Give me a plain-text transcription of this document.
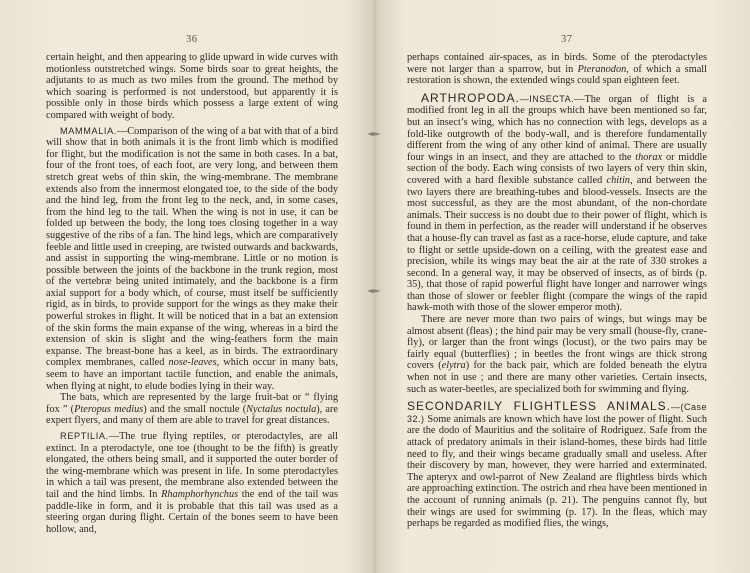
36

certain height, and then appearing to glide upward in wide curves with motionless outstretched wings. Some birds soar to great heights, the adjutants to as much as two miles from the ground. The method by which soaring is performed is not understood, but apparently it is possible only in those birds which possess a large extent of wing compared with weight of body.

MAMMALIA.—Comparison of the wing of a bat with that of a bird will show that in both animals it is the front limb which is modified for flight, but the modification is not the same in both cases. In a bat, four of the front toes, of each foot, are very long, and between them stretch great webs of thin skin, the wing-membrane. The membrane extends also from the innermost elongated toe, to the side of the body and the hind leg, from the front leg to the neck, and, in some cases, from the hind leg to the tail. When the wing is not in use, it can be folded up between the body, the long toes closing together in a way suggestive of the ribs of a fan. The hind legs, which are comparatively feeble and little used in creeping, are twisted outwards and backwards, and assist in supporting the wing-membrane. Little or no motion is possible between the joints of the backbone in the trunk region, most of the vertebræ being united intimately, and the backbone is a firm axial support for a body which, of course, must itself be sufficiently rigid, as in birds, to provide support for the wings as they make their powerful strokes in flight. It will be noticed that in a bat an extension of the skin forms the main expanse of the wing, whereas in a bird the extension of skin is slight and the wing-feathers form the main expanse. The breast-bone has a keel, as in birds. The extraordinary complex membranes, called nose-leaves, which occur in many bats, seem to have an important tactile function, and enable the animals, when flying at night, to elude bodies lying in their way.

The bats, which are represented by the large fruit-bat or “ flying fox ” (Pteropus medius) and the small noctule (Nyctalus noctula), are expert flyers, and many of them are able to travel for great distances.

REPTILIA.—The true flying reptiles, or pterodactyles, are all extinct. In a pterodactyle, one toe (thought to be the fifth) is greatly elongated, the others being small, and it supported the outer border of the wing-membrane which was present in life. In some pterodactyles in which a tail was present, the membrane also extended between the tail and the hind limbs. In Rhamphorhynchus the end of the tail was paddle-like in form, and it is probable that this tail was used as a steering organ during flight. Certain of the bones seem to have been hollow, and,

37

perhaps contained air-spaces, as in birds. Some of the pterodactyles were not larger than a sparrow, but in Pteranodon, of which a small restoration is shown, the extended wings could span eighteen feet.

ARTHROPODA.—INSECTA.—The organ of flight is a modified front leg in all the groups which have been mentioned so far, but an insect’s wing, which has no connection with legs, develops as a fold-like outgrowth of the body-wall, and is therefore fundamentally different from the wing of any other kind of animal. There are usually four wings in an insect, and they are attached to the thorax or middle section of the body. Each wing consists of two layers of very thin skin, covered with a hard flexible substance called chitin, and between the two layers there are breathing-tubes and blood-vessels. Insects are the most successful, as they are the most abundant, of the non-chordate animals. Their success is no doubt due to their power of flight, which is found in them in perfection, as the reader will understand if he observes that a house-fly can travel as fast as a race-horse, elude capture, and take to flight or settle upside-down on a ceiling, with the greatest ease and precision, while its wings may beat the air at the rate of 330 strokes a second. In a general way, it may be observed of insects, as of birds (p. 35), that those of rapid powerful flight have longer and narrower wings than those of slower or feebler flight (compare the wings of the rapid hawk-moth with those of the slower emperor moth).

There are never more than two pairs of wings, but wings may be almost absent (fleas) ; the hind pair may be very small (house-fly, crane-fly), or larger than the front wings (locust), or the two pairs may be fairly equal (butterflies) ; in beetles the front wings are thick strong covers (elytra) for the back pair, which are folded beneath the elytra when not in use ; and there are many other varieties. Certain insects, such as water-beetles, are specialized both for swimming and flying.

SECONDARILY FLIGHTLESS ANIMALS.—(Case 32.) Some animals are known which have lost the power of flight. Such are the dodo of Mauritius and the solitaire of Rodriguez. Safe from the attack of predatory animals in their island-homes, these birds had little need to fly, and their wings became gradually small and useless. After their discovery by man, however, they were harried and exterminated. The apteryx and owl-parrot of New Zealand are flightless birds which are approaching extinction. The ostrich and rhea have been mentioned in the account of running animals (p. 21). The penguins cannot fly, but their wings are used for swimming (p. 17). In the fleas, which may perhaps be regarded as modified flies, the wings,
